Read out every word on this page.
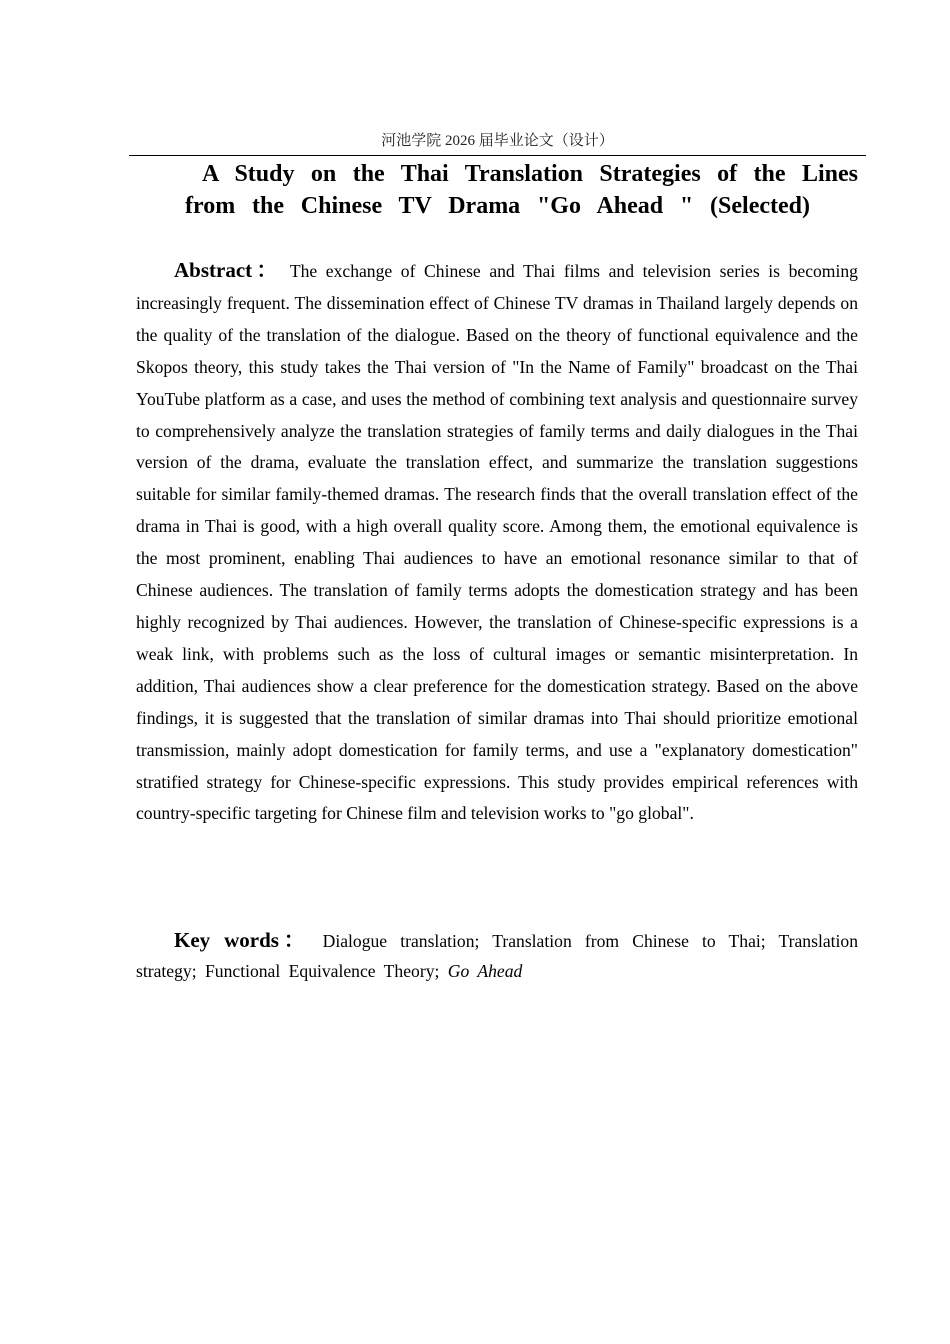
河池学院 2026 届毕业论文（设计）
A Study on the Thai Translation Strategies of the Lines
from the Chinese TV Drama "Go Ahead " (Selected)

Abstract： The exchange of Chinese and Thai films and television series is becoming increasingly frequent. The dissemination effect of Chinese TV dramas in Thailand largely depends on the quality of the translation of the dialogue. Based on the theory of functional equivalence and the Skopos theory, this study takes the Thai version of "In the Name of Family" broadcast on the Thai YouTube platform as a case, and uses the method of combining text analysis and questionnaire survey to comprehensively analyze the translation strategies of family terms and daily dialogues in the Thai version of the drama, evaluate the translation effect, and summarize the translation suggestions suitable for similar family-themed dramas. The research finds that the overall translation effect of the drama in Thai is good, with a high overall quality score. Among them, the emotional equivalence is the most prominent, enabling Thai audiences to have an emotional resonance similar to that of Chinese audiences. The translation of family terms adopts the domestication strategy and has been highly recognized by Thai audiences. However, the translation of Chinese-specific expressions is a weak link, with problems such as the loss of cultural images or semantic misinterpretation. In addition, Thai audiences show a clear preference for the domestication strategy. Based on the above findings, it is suggested that the translation of similar dramas into Thai should prioritize emotional transmission, mainly adopt domestication for family terms, and use a "explanatory domestication" stratified strategy for Chinese-specific expressions. This study provides empirical references with country-specific targeting for Chinese film and television works to "go global".

Key words： Dialogue translation; Translation from Chinese to Thai; Translation strategy; Functional Equivalence Theory; Go Ahead
